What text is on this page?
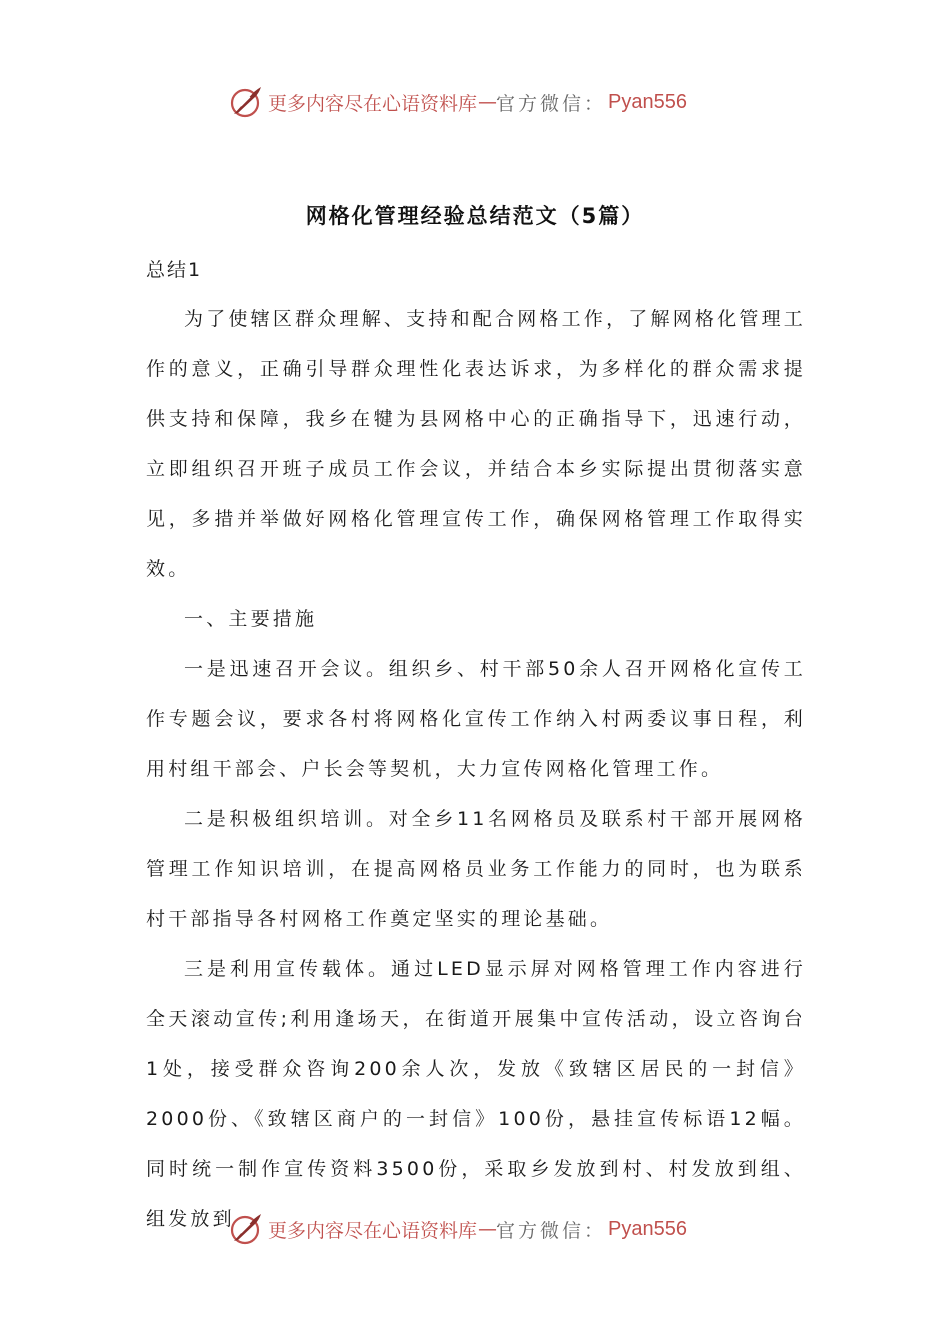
更多内容尽在心语资料库 — 官方微信： Pyan556
网格化管理经验总结范文（5篇）
总结1

为了使辖区群众理解、支持和配合网格工作，了解网格化管理工作的意义，正确引导群众理性化表达诉求，为多样化的群众需求提供支持和保障，我乡在犍为县网格中心的正确指导下，迅速行动，立即组织召开班子成员工作会议，并结合本乡实际提出贯彻落实意见，多措并举做好网格化管理宣传工作，确保网格管理工作取得实效。

一、主要措施

一是迅速召开会议。组织乡、村干部50余人召开网格化宣传工作专题会议，要求各村将网格化宣传工作纳入村两委议事日程，利用村组干部会、户长会等契机，大力宣传网格化管理工作。

二是积极组织培训。对全乡11名网格员及联系村干部开展网格管理工作知识培训，在提高网格员业务工作能力的同时，也为联系村干部指导各村网格工作奠定坚实的理论基础。

三是利用宣传载体。通过LED显示屏对网格管理工作内容进行全天滚动宣传;利用逢场天，在街道开展集中宣传活动，设立咨询台1处，接受群众咨询200余人次，发放《致辖区居民的一封信》2000份、《致辖区商户的一封信》100份，悬挂宣传标语12幅。同时统一制作宣传资料3500份，采取乡发放到村、村发放到组、组发放到

更多内容尽在心语资料库 — 官方微信： Pyan556
